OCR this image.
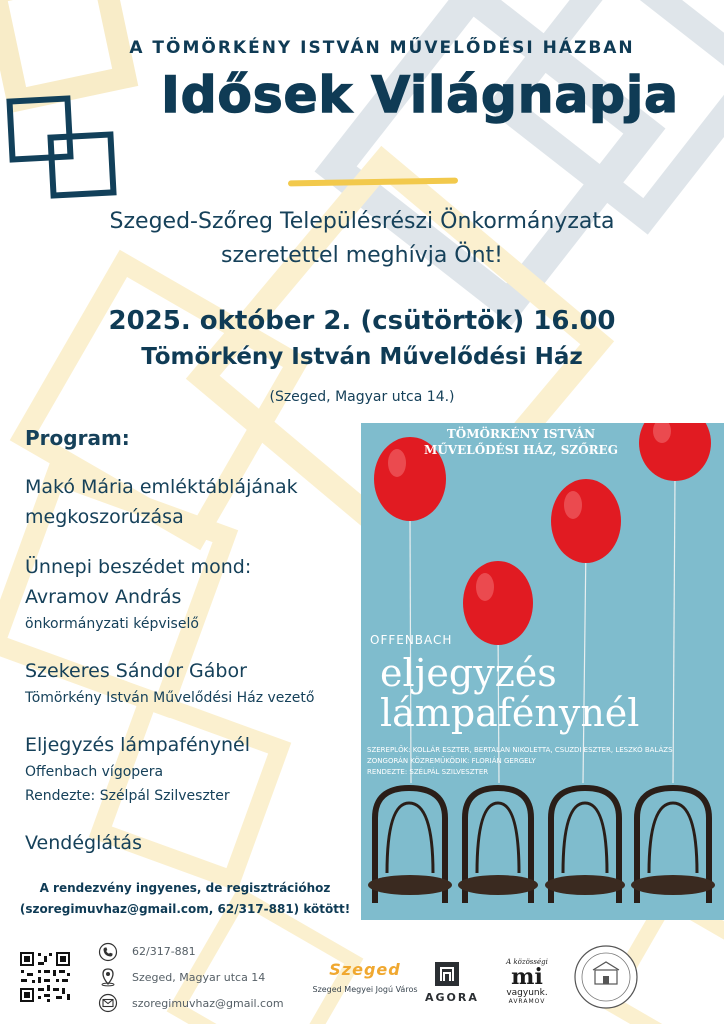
A TÖMÖRKÉNY ISTVÁN MŰVELŐDÉSI HÁZBAN
Idősek Világnapja
Szeged-Szőreg Településrészi Önkormányzata
szeretettel meghívja Önt!
2025. október 2. (csütörtök) 16.00
Tömörkény István Művelődési Ház
(Szeged, Magyar utca 14.)
Program:
Makó Mária emléktáblájának
megkoszorúzása
Ünnepi beszédet mond:
Avramov András
önkormányzati képviselő
Szekeres Sándor Gábor
Tömörkény István Művelődési Ház vezető
Eljegyzés lámpafénynél
Offenbach vígopera
Rendezte: Szélpál Szilveszter
Vendéglátás
TÖMÖRKÉNY ISTVÁN
MŰVELŐDÉSI HÁZ, SZŐREG
OFFENBACH
eljegyzés
lámpafénynél
SZEREPLŐK: KOLLÁR ESZTER, BERTALAN NIKOLETTA, CSUZDI ESZTER, LESZKÓ BALÁZS
ZONGORÁN KÖZREMŰKÖDIK: FLORIÁN GERGELY
RENDEZTE: SZÉLPÁL SZILVESZTER
A rendezvény ingyenes, de regisztrációhoz
(szoregimuvhaz@gmail.com, 62/317-881) kötött!
62/317-881
Szeged, Magyar utca 14
szoregimuvhaz@gmail.com
Szeged
Szeged Megyei Jogú Város
AGORA
A közösségi
mi
vagyunk.
AVRAMOV
